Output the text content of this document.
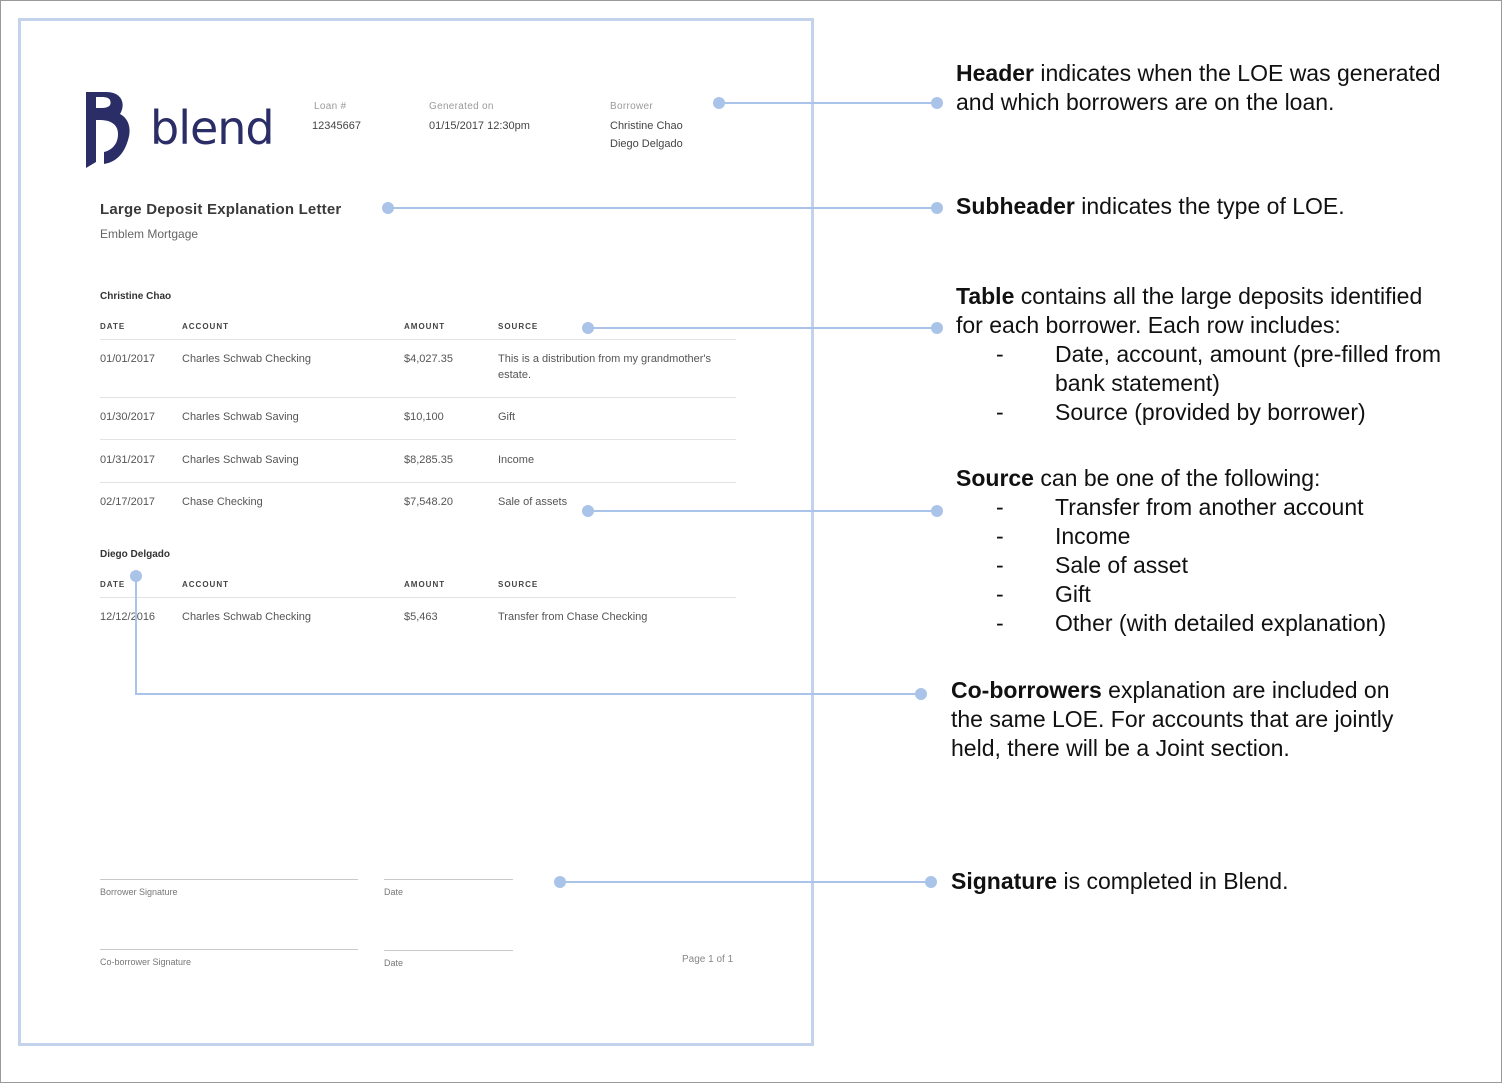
blend	Loan #
12345667
Generated on
01/15/2017 12:30pm
Borrower
Christine Chao
Diego Delgado
Large Deposit Explanation Letter
Emblem Mortgage
Christine Chao
DATE	ACCOUNT	AMOUNT	SOURCE
01/01/2017 Charles Schwab Checking	$4,027.35	This is a distribution from my grandmother's estate.
01/30/2017 Charles Schwab Saving	$10,100	Gift
01/31/2017 Charles Schwab Saving	$8,285.35	Income
02/17/2017 Chase Checking	$7,548.20	Sale of assets
Diego Delgado
DATE	ACCOUNT	AMOUNT	SOURCE
12/12/2016 Charles Schwab Checking	$5,463	Transfer from Chase Checking
Borrower Signature	Date
Co-borrower Signature	Date	Page 1 of 1
Header indicates when the LOE was generated
and which borrowers are on the loan.
Subheader indicates the type of LOE.
Table contains all the large deposits identified
for each borrower. Each row includes:
- Date, account, amount (pre-filled from
bank statement)
- Source (provided by borrower)
Source can be one of the following:
- Transfer from another account
- Income
- Sale of asset
- Gift
- Other (with detailed explanation)
Co-borrowers explanation are included on
the same LOE. For accounts that are jointly
held, there will be a Joint section.
Signature is completed in Blend.
